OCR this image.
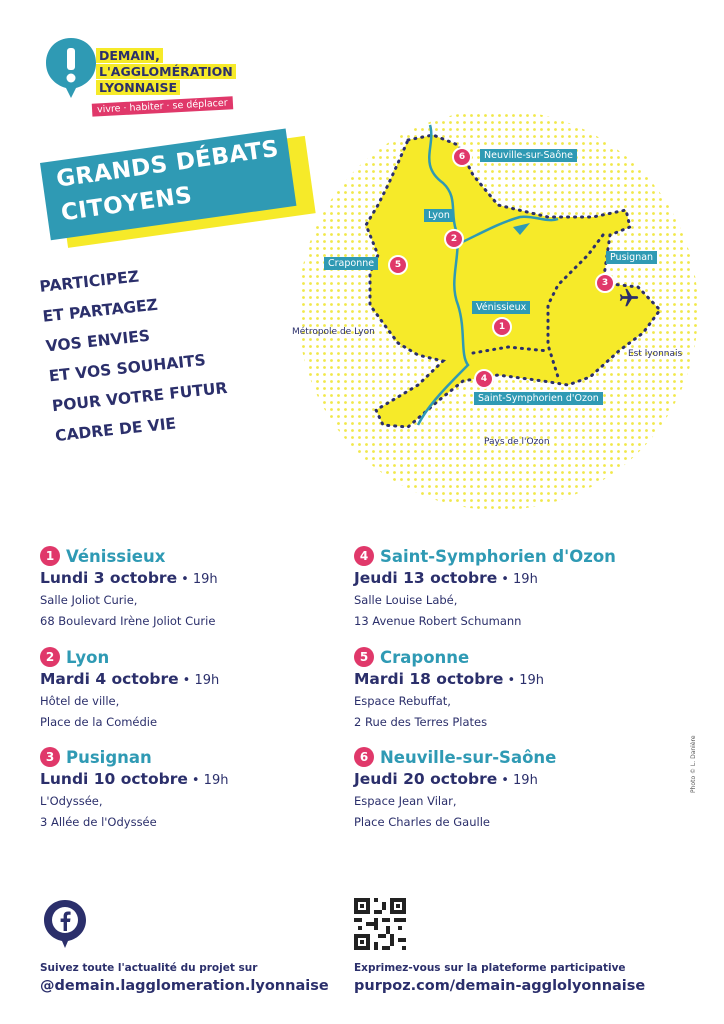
DEMAIN,
L'AGGLOMÉRATION
LYONNAISE
vivre · habiter · se déplacer
GRANDS DÉBATS
CITOYENS
PARTICIPEZ
ET PARTAGEZ
VOS ENVIES
ET VOS SOUHAITS
POUR VOTRE FUTUR
CADRE DE VIE
Neuville-sur-Saône
Lyon
Craponne
Pusignan
Vénissieux
Saint-Symphorien d'Ozon
Métropole de Lyon
Est lyonnais
Pays de l'Ozon
6
2
5
3
1
4
1 Vénissieux
Lundi 3 octobre • 19h
Salle Joliot Curie,
68 Boulevard Irène Joliot Curie
2 Lyon
Mardi 4 octobre • 19h
Hôtel de ville,
Place de la Comédie
3 Pusignan
Lundi 10 octobre • 19h
L'Odyssée,
3 Allée de l'Odyssée
4 Saint-Symphorien d'Ozon
Jeudi 13 octobre • 19h
Salle Louise Labé,
13 Avenue Robert Schumann
5 Craponne
Mardi 18 octobre • 19h
Espace Rebuffat,
2 Rue des Terres Plates
6 Neuville-sur-Saône
Jeudi 20 octobre • 19h
Espace Jean Vilar,
Place Charles de Gaulle
Photo © L. Danière
Suivez toute l'actualité du projet sur
@demain.lagglomeration.lyonnaise
Exprimez-vous sur la plateforme participative
purpoz.com/demain-agglolyonnaise
